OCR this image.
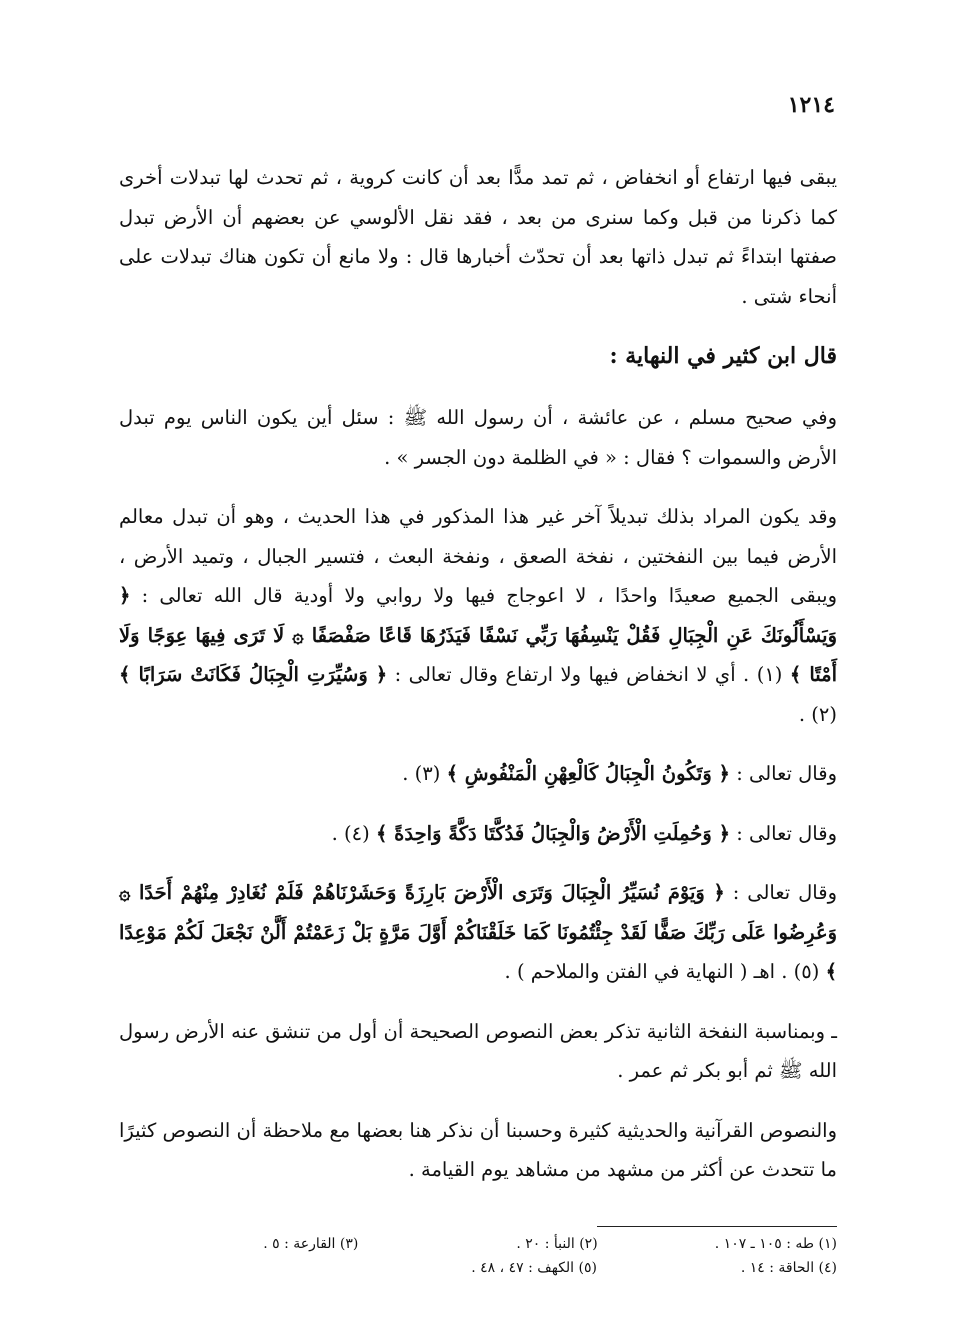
١٢١٤

يبقى فيها ارتفاع أو انخفاض ، ثم تمد مدًّا بعد أن كانت كروية ، ثم تحدث لها تبدلات أخرى كما ذكرنا من قبل وكما سنرى من بعد ، فقد نقل الألوسي عن بعضهم أن الأرض تبدل صفتها ابتداءً ثم تبدل ذاتها بعد أن تحدّث أخبارها قال : ولا مانع أن تكون هناك تبدلات على أنحاء شتى .

قال ابن كثير في النهاية :

وفي صحيح مسلم ، عن عائشة ، أن رسول الله ﷺ : سئل أين يكون الناس يوم تبدل الأرض والسموات ؟ فقال : « في الظلمة دون الجسر » .

وقد يكون المراد بذلك تبديلاً آخر غير هذا المذكور في هذا الحديث ، وهو أن تبدل معالم الأرض فيما بين النفختين ، نفخة الصعق ، ونفخة البعث ، فتسير الجبال ، وتميد الأرض ، ويبقى الجميع صعيدًا واحدًا ، لا اعوجاج فيها ولا روابي ولا أودية قال الله تعالى : ﴿ وَيَسْأَلُونَكَ عَنِ الْجِبَالِ فَقُلْ يَنْسِفُهَا رَبِّي نَسْفًا فَيَذَرُهَا قَاعًا صَفْصَفًا ۞ لَا تَرَى فِيهَا عِوَجًا وَلَا أَمْتًا ﴾ (١) . أي لا انخفاض فيها ولا ارتفاع وقال تعالى : ﴿ وَسُيِّرَتِ الْجِبَالُ فَكَانَتْ سَرَابًا ﴾ (٢) .

وقال تعالى : ﴿ وَتَكُونُ الْجِبَالُ كَالْعِهْنِ الْمَنْفُوشِ ﴾ (٣) .

وقال تعالى : ﴿ وَحُمِلَتِ الْأَرْضُ وَالْجِبَالُ فَدُكَّتَا دَكَّةً وَاحِدَةً ﴾ (٤) .

وقال تعالى : ﴿ وَيَوْمَ نُسَيِّرُ الْجِبَالَ وَتَرَى الْأَرْضَ بَارِزَةً وَحَشَرْنَاهُمْ فَلَمْ نُغَادِرْ مِنْهُمْ أَحَدًا ۞ وَعُرِضُوا عَلَى رَبِّكَ صَفًّا لَقَدْ جِئْتُمُونَا كَمَا خَلَقْنَاكُمْ أَوَّلَ مَرَّةٍ بَلْ زَعَمْتُمْ أَلَّنْ نَجْعَلَ لَكُمْ مَوْعِدًا ﴾ (٥) . اهـ ( النهاية في الفتن والملاحم ) .

ـ وبمناسبة النفخة الثانية تذكر بعض النصوص الصحيحة أن أول من تنشق عنه الأرض رسول الله ﷺ ثم أبو بكر ثم عمر .

والنصوص القرآنية والحديثية كثيرة وحسبنا أن نذكر هنا بعضها مع ملاحظة أن النصوص كثيرًا ما تتحدث عن أكثر من مشهد من مشاهد يوم القيامة .

(١) طه : ١٠٥ ـ ١٠٧ .
(٢) النبأ : ٢٠ .
(٣) القارعة : ٥ .
(٤) الحاقة : ١٤ .
(٥) الكهف : ٤٧ ، ٤٨ .
